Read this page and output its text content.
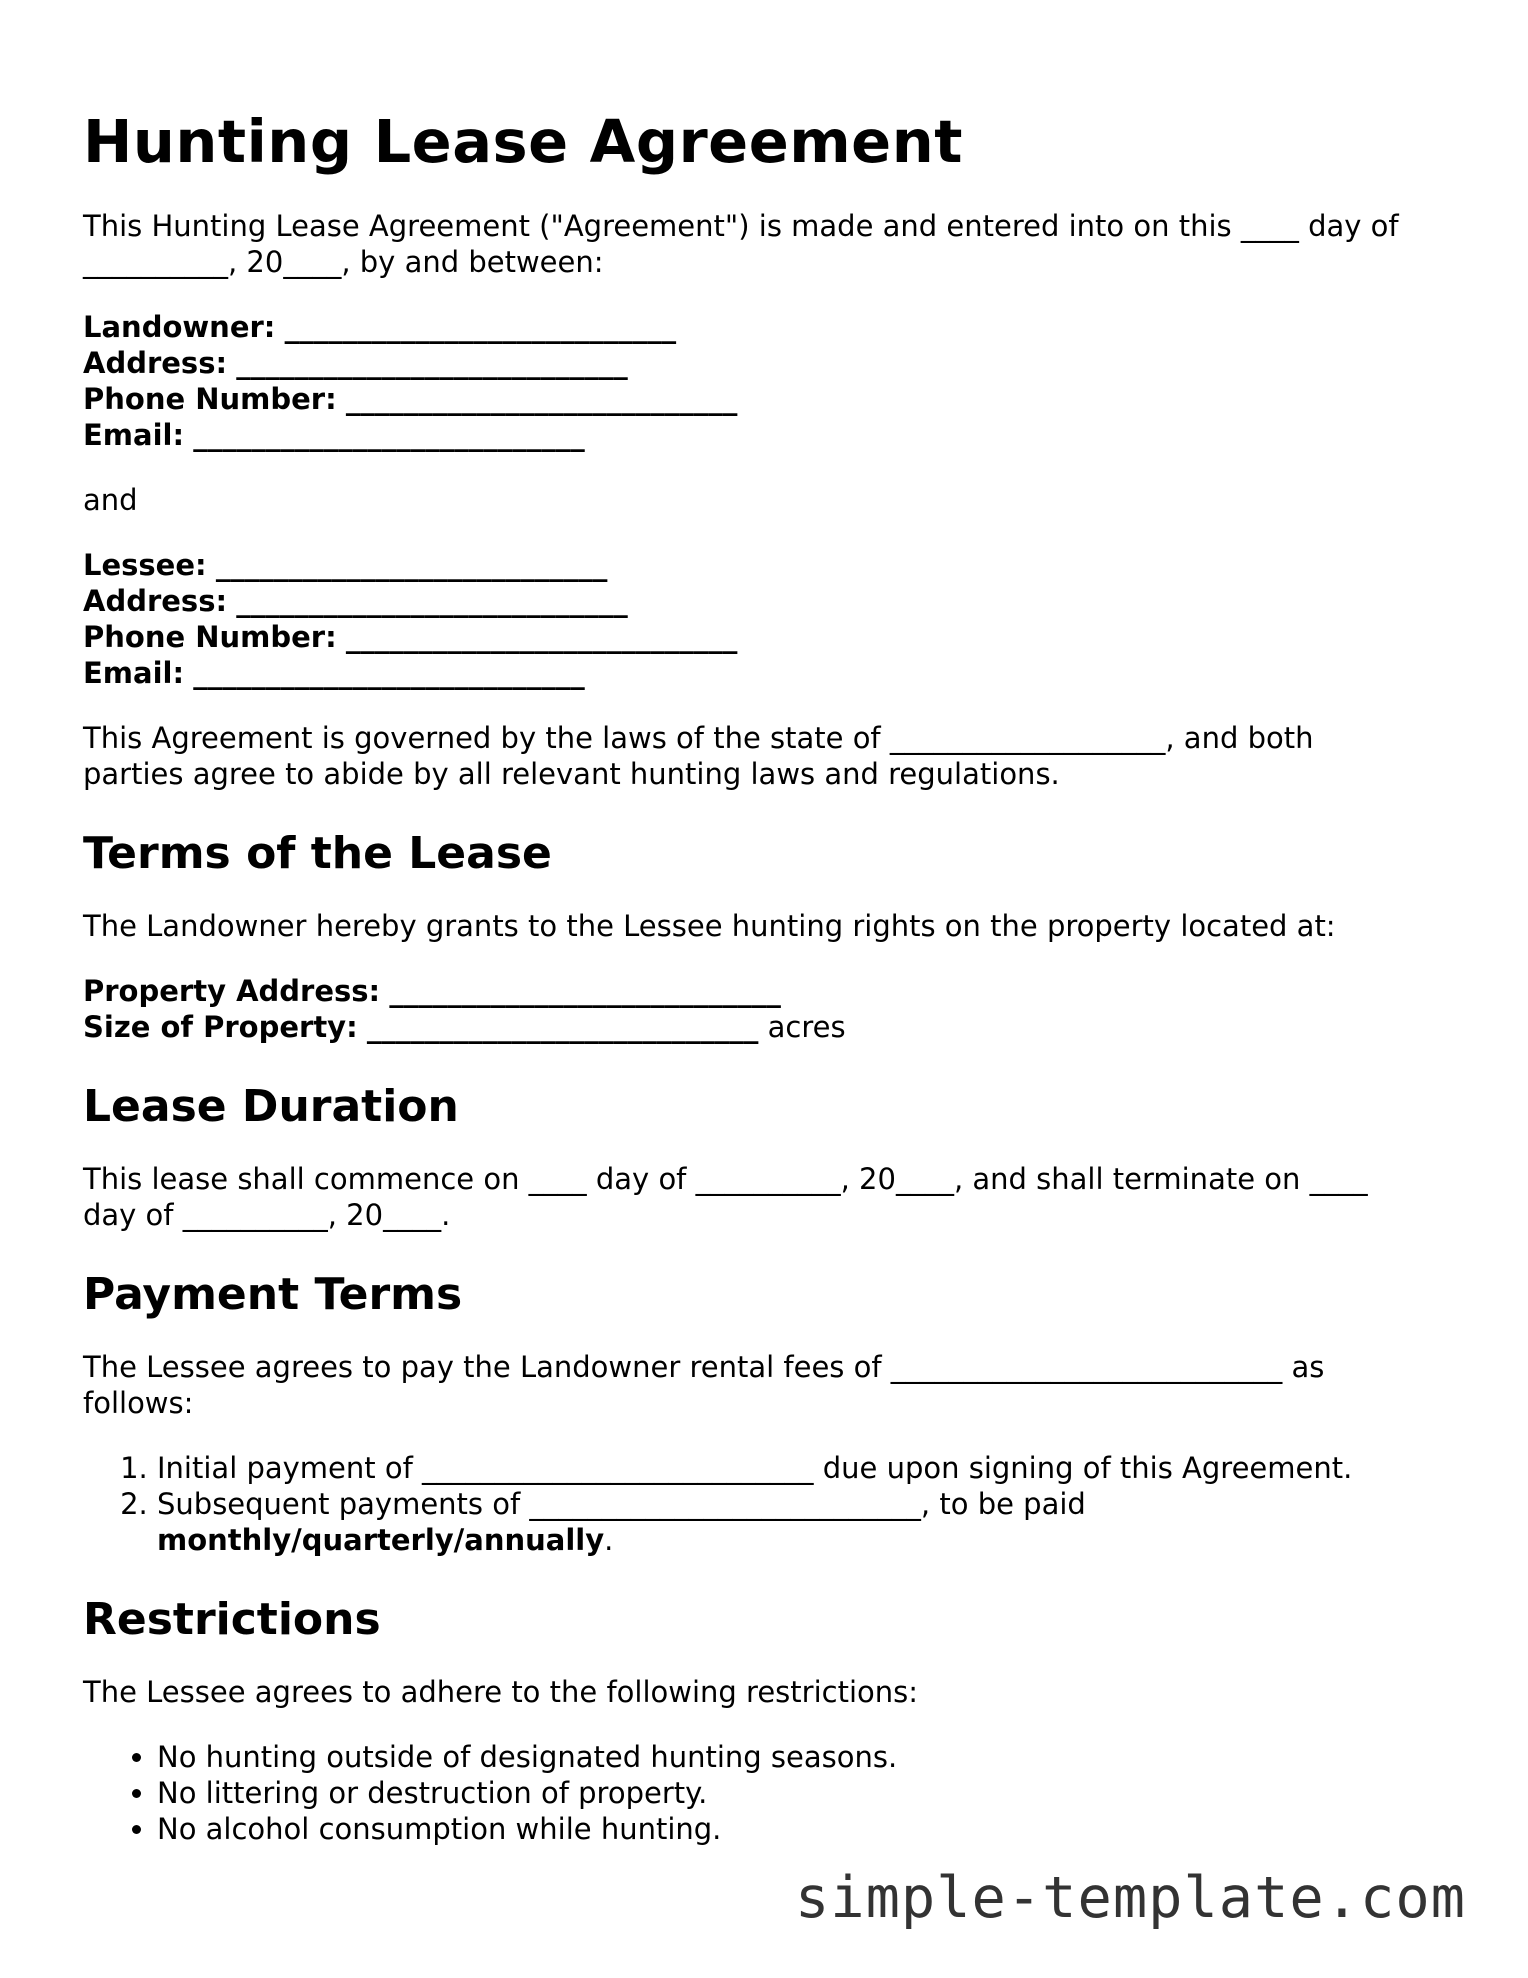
Hunting Lease Agreement
This Hunting Lease Agreement ("Agreement") is made and entered into on this ____ day of
__________, 20____, by and between:
Landowner: ___________________________
Address: ___________________________
Phone Number: ___________________________
Email: ___________________________

and

Lessee: ___________________________
Address: ___________________________
Phone Number: ___________________________
Email: ___________________________
This Agreement is governed by the laws of the state of ___________________, and both
parties agree to abide by all relevant hunting laws and regulations.
Terms of the Lease

The Landowner hereby grants to the Lessee hunting rights on the property located at:

Property Address: ___________________________
Size of Property: ___________________________ acres
Lease Duration
This lease shall commence on ____ day of __________, 20____, and shall terminate on ____
day of __________, 20____.
Payment Terms
The Lessee agrees to pay the Landowner rental fees of ___________________________ as
follows:
1. Initial payment of ___________________________ due upon signing of this Agreement.
2. Subsequent payments of ___________________________, to be paid
monthly/quarterly/annually.
Restrictions

The Lessee agrees to adhere to the following restrictions:

• No hunting outside of designated hunting seasons.
• No littering or destruction of property.
• No alcohol consumption while hunting.
simple-template.com
